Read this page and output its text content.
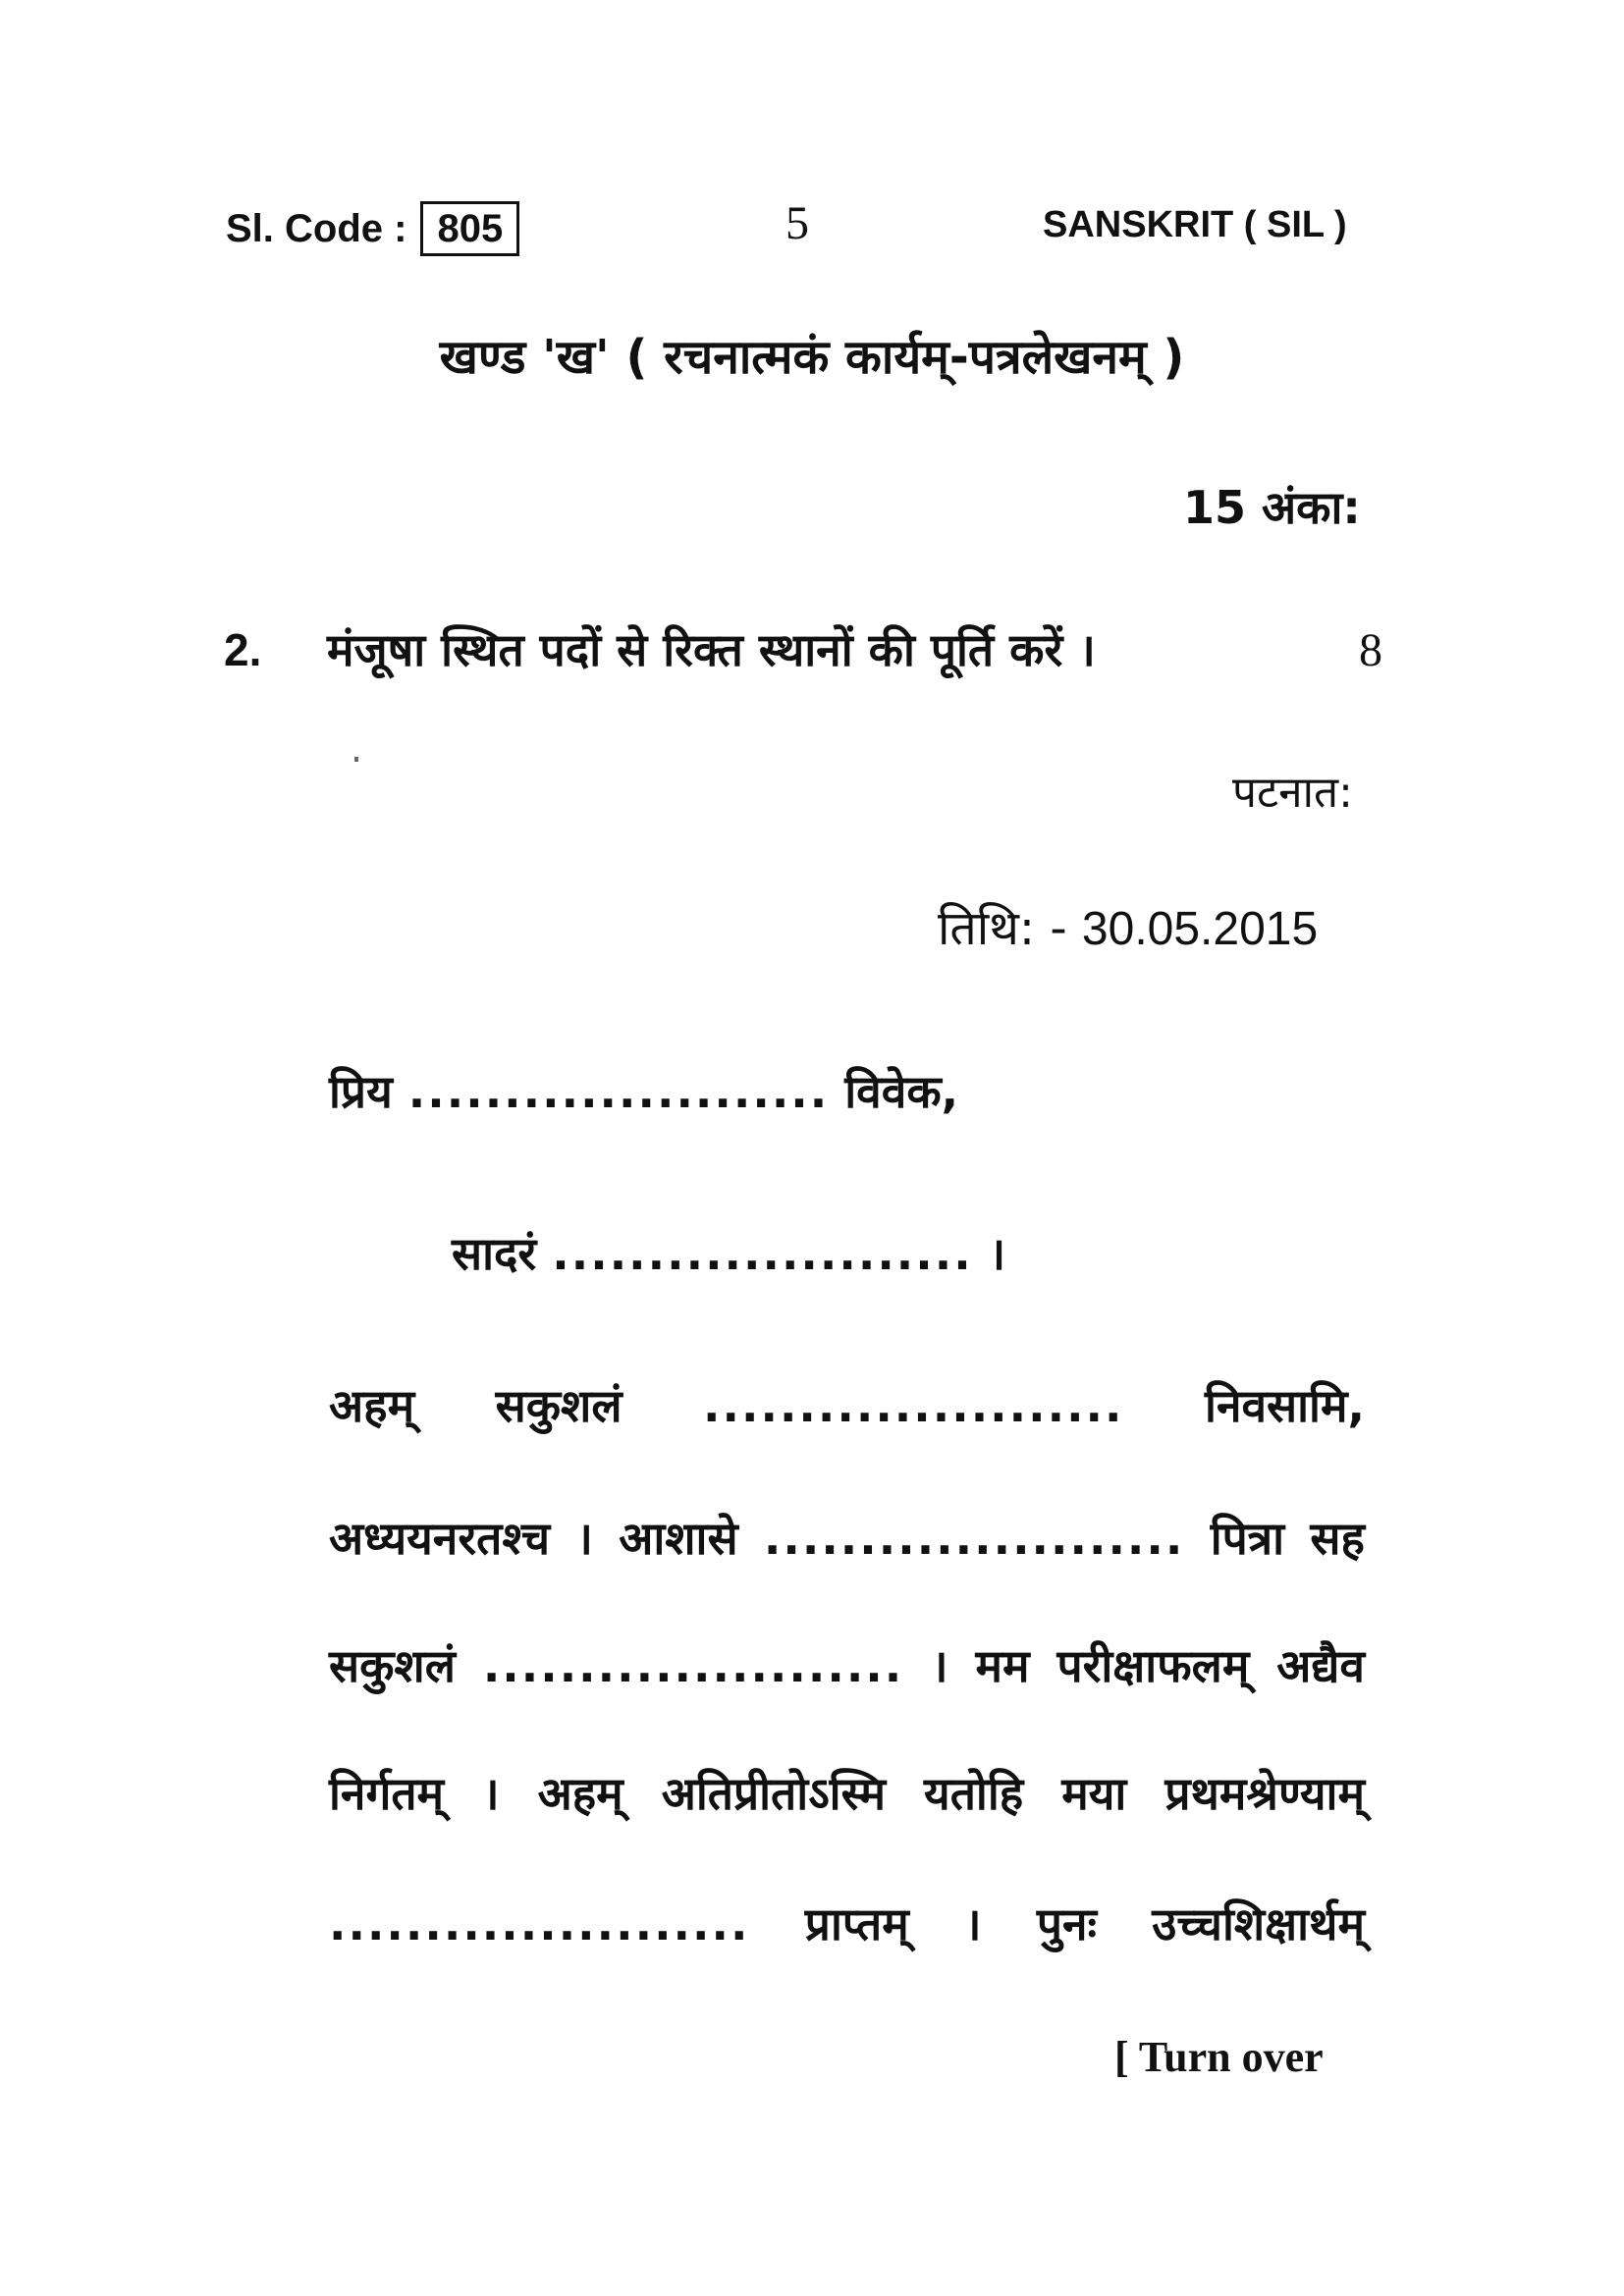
Sl. Code : 805	5	SANSKRIT ( SIL )
खण्ड 'ख' ( रचनात्मकं कार्यम्-पत्रलेखनम् )
15 अंका:
2.	मंजूषा स्थित पदों से रिक्त स्थानों की पूर्ति करें ।	8
पटनात:
तिथि: - 30.05.2015
प्रिय ...................... विवेक,
सादरं ...................... ।
अहम् सकुशलं ...................... निवसामि,
अध्ययनरतश्च । आशासे ...................... पित्रा सह
सकुशलं ...................... । मम परीक्षाफलम् अद्यैव
निर्गतम् । अहम् अतिप्रीतोऽस्मि यतोहि मया प्रथमश्रेण्याम्
...................... प्राप्तम् । पुनः उच्चशिक्षार्थम्
[ Turn over
